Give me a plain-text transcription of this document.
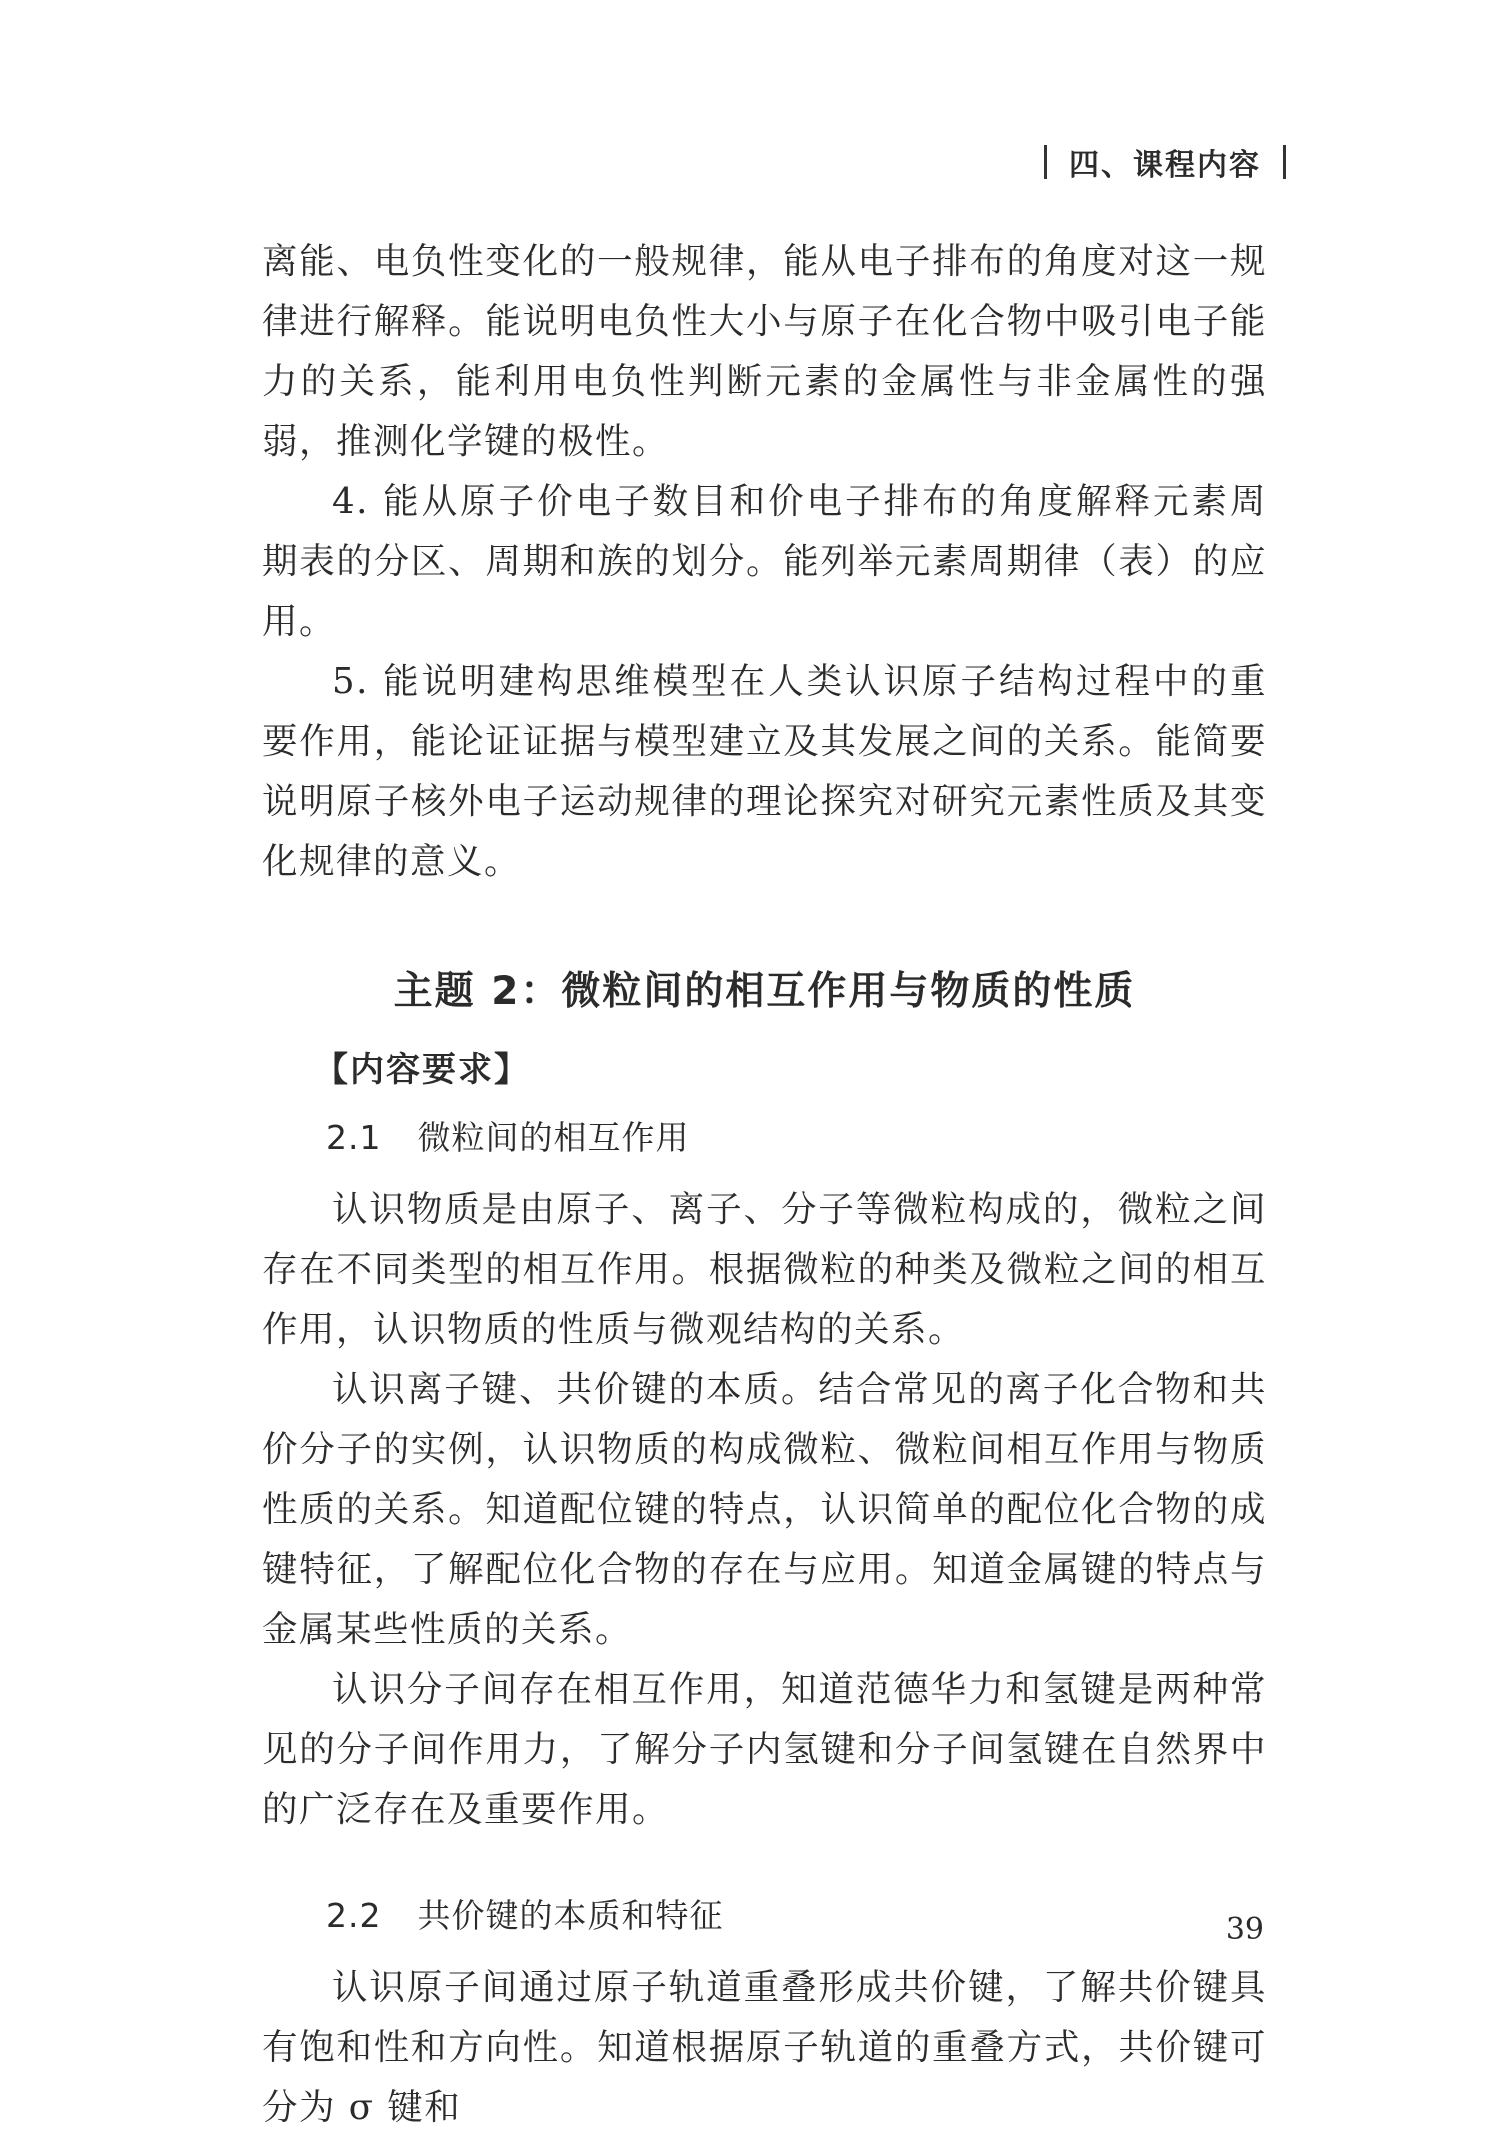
四、课程内容

离能、电负性变化的一般规律，能从电子排布的角度对这一规律进行解释。能说明电负性大小与原子在化合物中吸引电子能力的关系，能利用电负性判断元素的金属性与非金属性的强弱，推测化学键的极性。

4. 能从原子价电子数目和价电子排布的角度解释元素周期表的分区、周期和族的划分。能列举元素周期律（表）的应用。

5. 能说明建构思维模型在人类认识原子结构过程中的重要作用，能论证证据与模型建立及其发展之间的关系。能简要说明原子核外电子运动规律的理论探究对研究元素性质及其变化规律的意义。

主题 2：微粒间的相互作用与物质的性质
【内容要求】
2.1 微粒间的相互作用

认识物质是由原子、离子、分子等微粒构成的，微粒之间存在不同类型的相互作用。根据微粒的种类及微粒之间的相互作用，认识物质的性质与微观结构的关系。

认识离子键、共价键的本质。结合常见的离子化合物和共价分子的实例，认识物质的构成微粒、微粒间相互作用与物质性质的关系。知道配位键的特点，认识简单的配位化合物的成键特征，了解配位化合物的存在与应用。知道金属键的特点与金属某些性质的关系。

认识分子间存在相互作用，知道范德华力和氢键是两种常见的分子间作用力，了解分子内氢键和分子间氢键在自然界中的广泛存在及重要作用。

2.2 共价键的本质和特征

认识原子间通过原子轨道重叠形成共价键，了解共价键具有饱和性和方向性。知道根据原子轨道的重叠方式，共价键可分为 σ 键和

39
